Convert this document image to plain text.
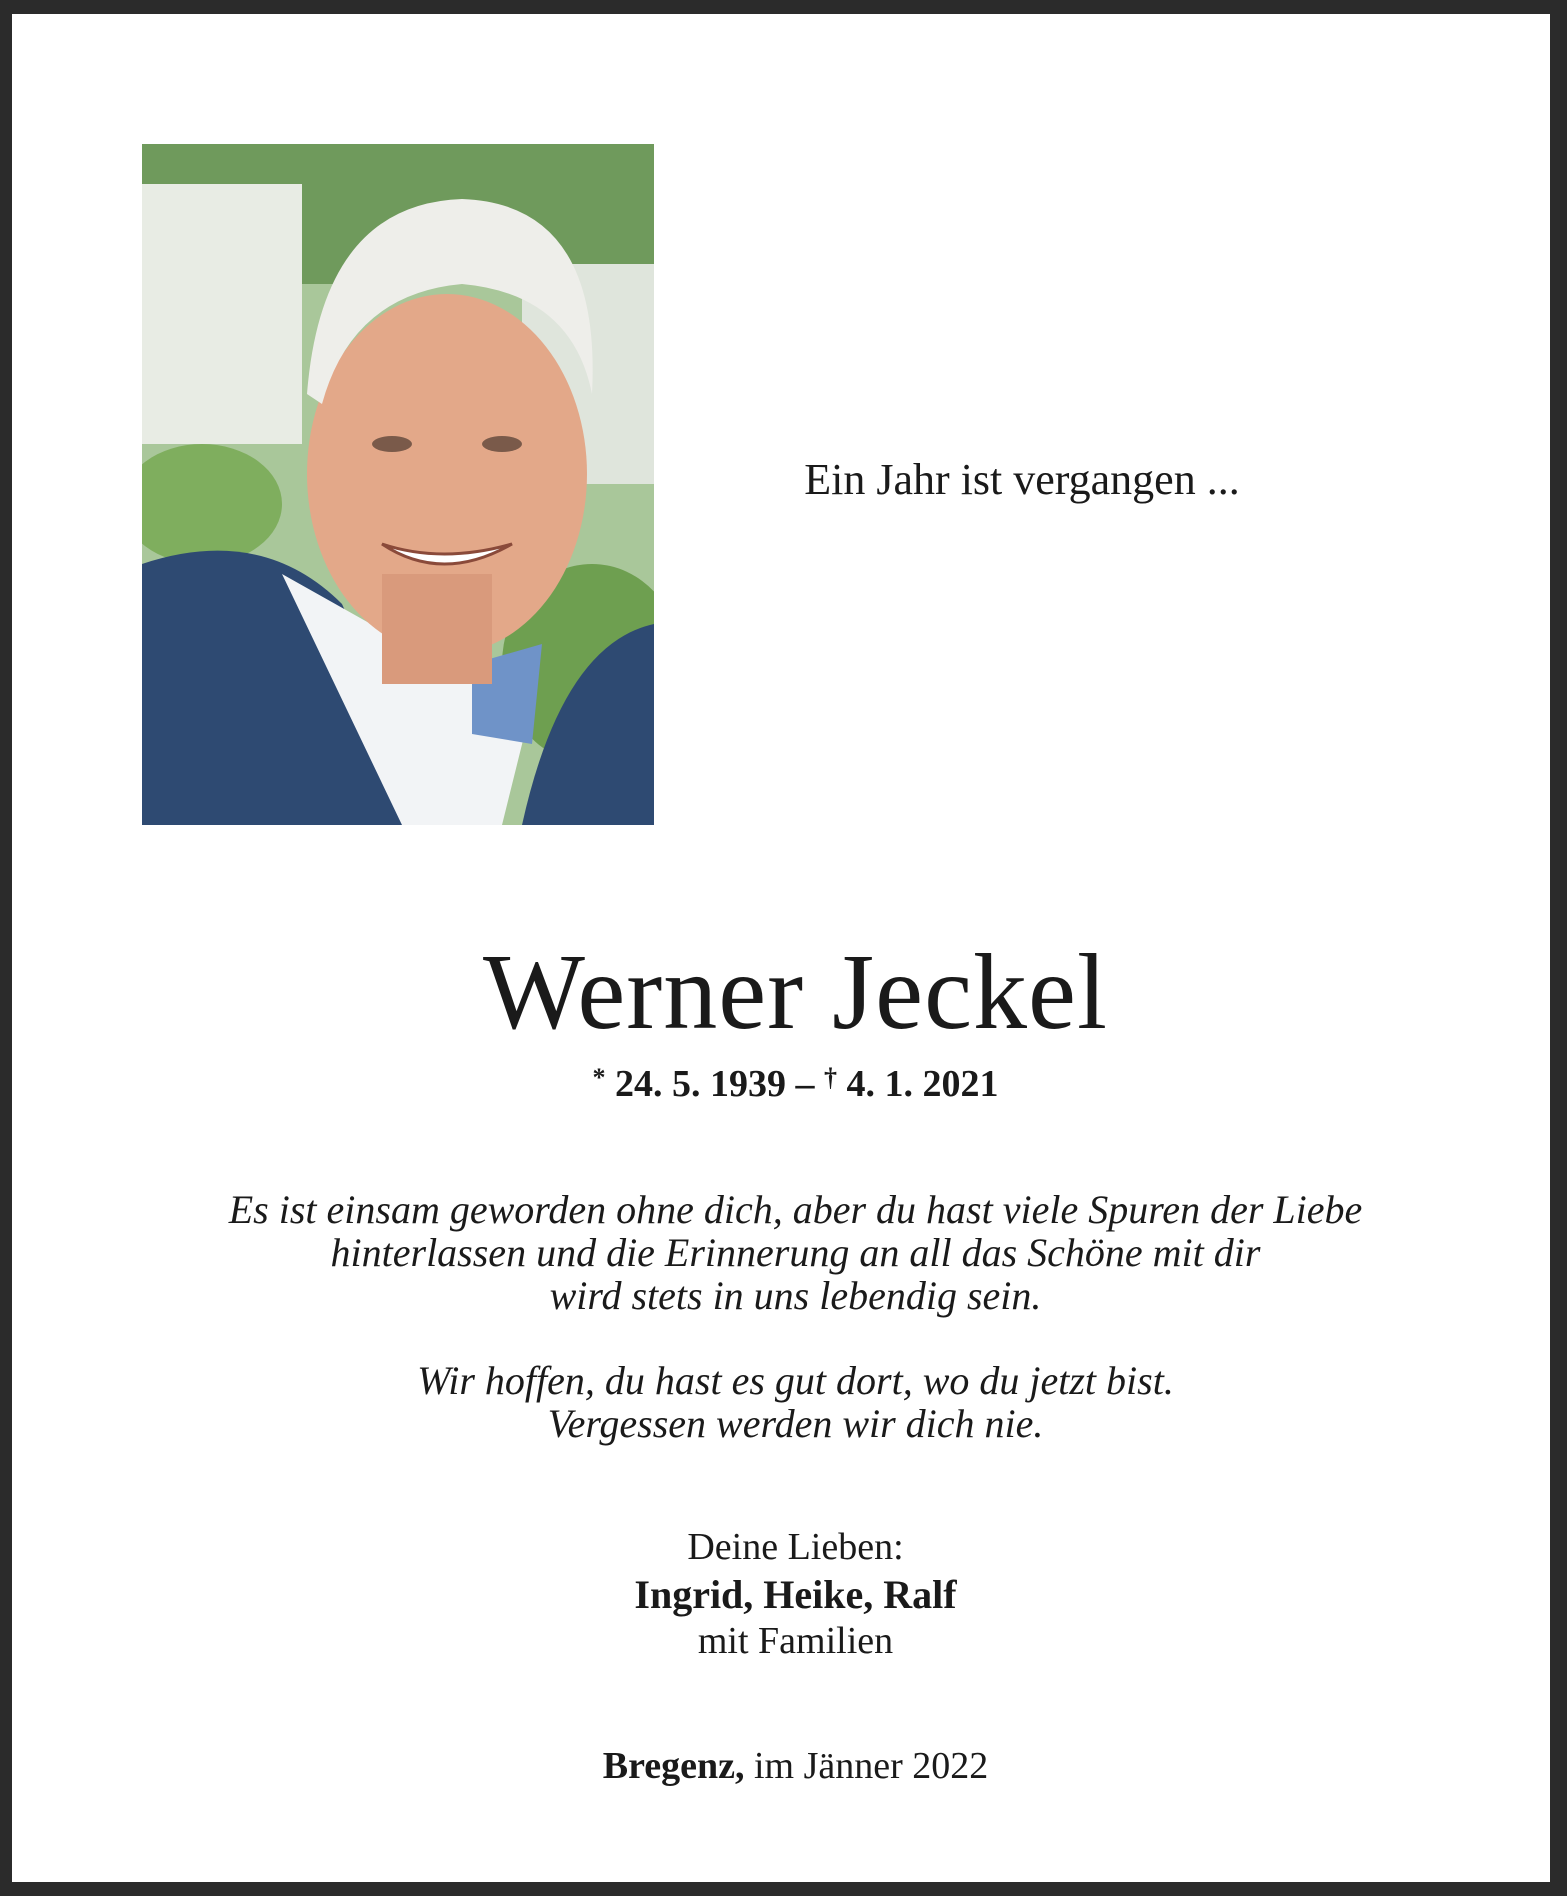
Ein Jahr ist vergangen ...
Werner Jeckel
* 24. 5. 1939 – † 4. 1. 2021
Es ist einsam geworden ohne dich, aber du hast viele Spuren der Liebe
hinterlassen und die Erinnerung an all das Schöne mit dir
wird stets in uns lebendig sein.
Wir hoffen, du hast es gut dort, wo du jetzt bist.
Vergessen werden wir dich nie.
Deine Lieben:
Ingrid, Heike, Ralf
mit Familien
Bregenz, im Jänner 2022
